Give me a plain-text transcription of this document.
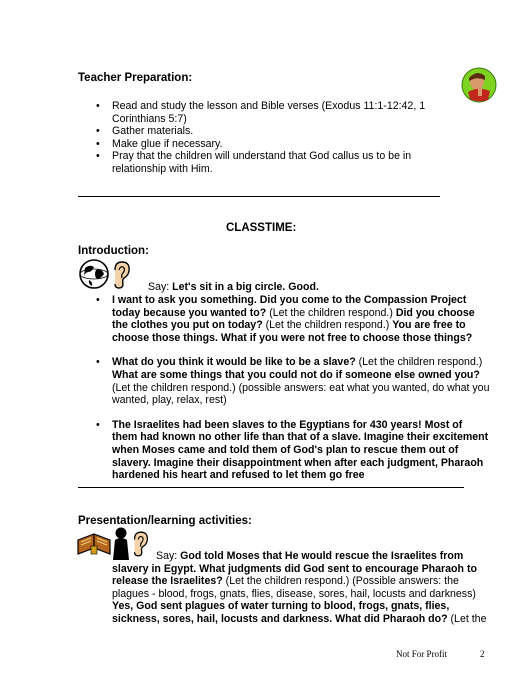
Teacher Preparation:
• Read and study the lesson and Bible verses (Exodus 11:1-12:42, 1 Corinthians 5:7)
• Gather materials.
• Make glue if necessary.
• Pray that the children will understand that God callus us to be in relationship with Him.
CLASSTIME:
Introduction:
Say: Let's sit in a big circle. Good.
• I want to ask you something. Did you come to the Compassion Project today because you wanted to? (Let the children respond.) Did you choose the clothes you put on today? (Let the children respond.) You are free to choose those things. What if you were not free to choose those things?
• What do you think it would be like to be a slave? (Let the children respond.) What are some things that you could not do if someone else owned you? (Let the children respond.) (possible answers: eat what you wanted, do what you wanted, play, relax, rest)
• The Israelites had been slaves to the Egyptians for 430 years! Most of them had known no other life than that of a slave. Imagine their excitement when Moses came and told them of God's plan to rescue them out of slavery. Imagine their disappointment when after each judgment, Pharaoh hardened his heart and refused to let them go free
Presentation/learning activities:
Say: God told Moses that He would rescue the Israelites from slavery in Egypt. What judgments did God sent to encourage Pharaoh to release the Israelites? (Let the children respond.) (Possible answers: the plagues - blood, frogs, gnats, flies, disease, sores, hail, locusts and darkness) Yes, God sent plagues of water turning to blood, frogs, gnats, flies, sickness, sores, hail, locusts and darkness. What did Pharaoh do? (Let the
Not For Profit	2
